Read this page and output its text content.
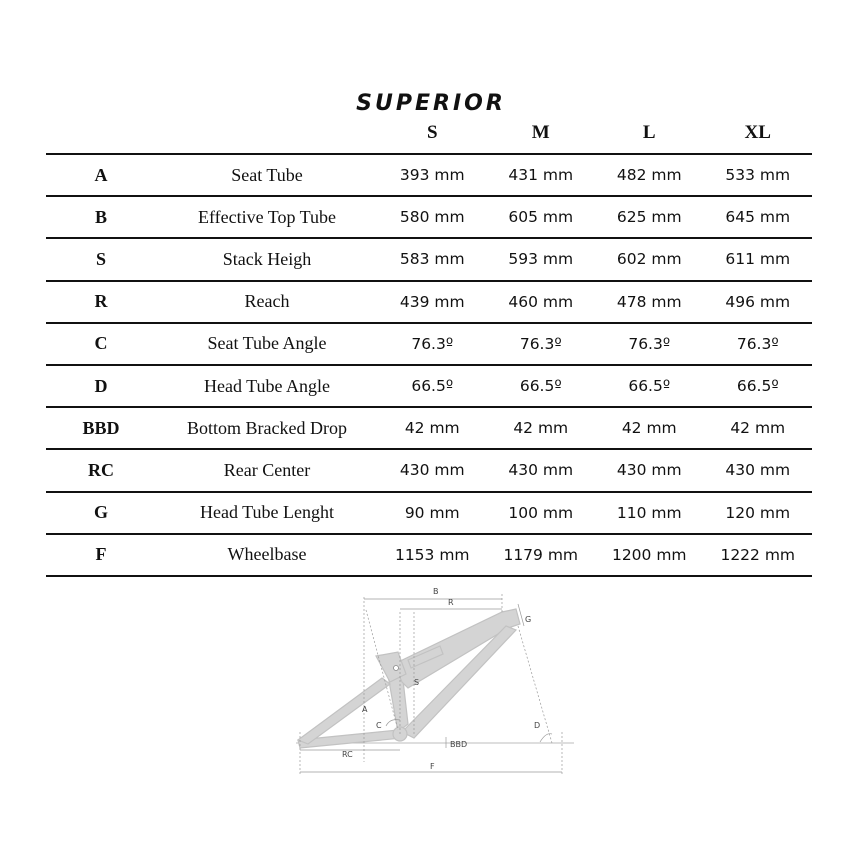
SUPERIOR
		S	M	L	XL
A	Seat Tube	393 mm	431 mm	482 mm	533 mm
B	Effective Top Tube	580 mm	605 mm	625 mm	645 mm
S	Stack Heigh	583 mm	593 mm	602 mm	611 mm
R	Reach	439 mm	460 mm	478 mm	496 mm
C	Seat Tube Angle	76.3º	76.3º	76.3º	76.3º
D	Head Tube Angle	66.5º	66.5º	66.5º	66.5º
BBD	Bottom Bracked Drop	42 mm	42 mm	42 mm	42 mm
RC	Rear Center	430 mm	430 mm	430 mm	430 mm
G	Head Tube Lenght	90 mm	100 mm	110 mm	120 mm
F	Wheelbase	1153 mm	1179 mm	1200 mm	1222 mm
B
R
G
S
A
C	D
BBD
RC
F
